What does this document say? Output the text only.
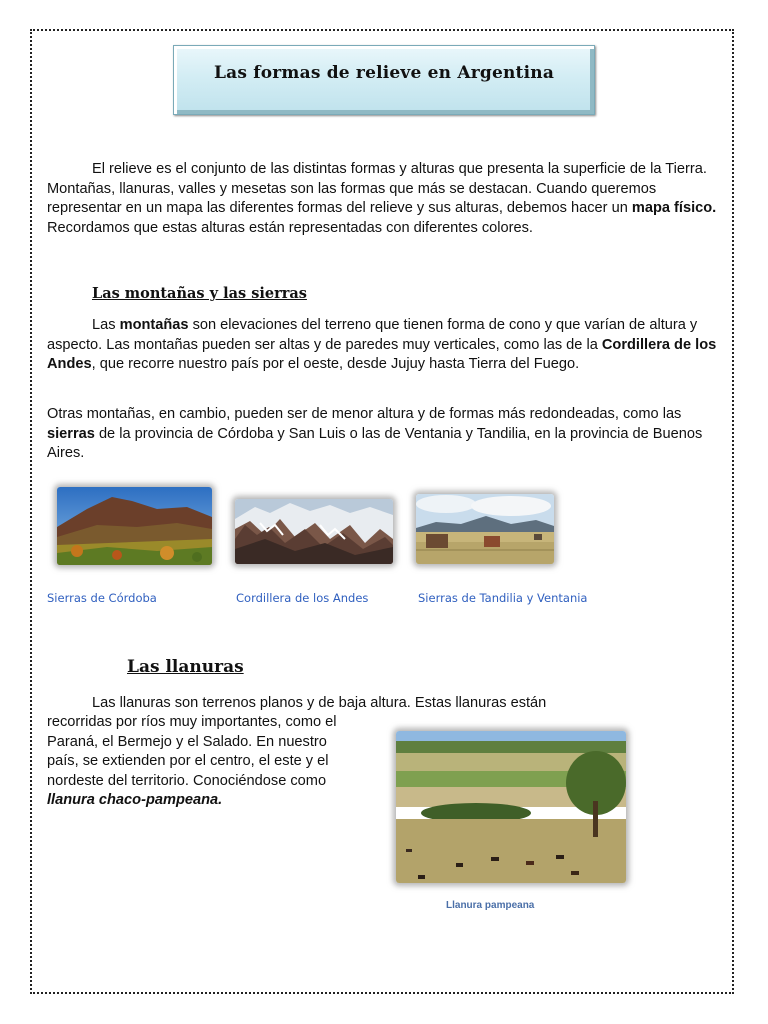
Las formas de relieve en Argentina

El relieve es el conjunto de las distintas formas y alturas que presenta la superficie de la Tierra. Montañas, llanuras, valles y mesetas son las formas que más se destacan. Cuando queremos representar en un mapa las diferentes formas del relieve y sus alturas, debemos hacer un mapa físico. Recordamos que estas alturas están representadas con diferentes colores.

Las montañas y las sierras

Las montañas son elevaciones del terreno que tienen forma de cono y que varían de altura y aspecto. Las montañas pueden ser altas y de paredes muy verticales, como las de la Cordillera de los Andes, que recorre nuestro país por el oeste, desde Jujuy hasta Tierra del Fuego.

Otras montañas, en cambio, pueden ser de menor altura y de formas más redondeadas, como las sierras de la provincia de Córdoba y San Luis o las de Ventania y Tandilia, en la provincia de Buenos Aires.

Sierras de Córdoba	Cordillera de los Andes	Sierras de Tandilia y Ventania

Las llanuras

Las llanuras son terrenos planos y de baja altura. Estas llanuras están

recorridas por ríos muy importantes, como el Paraná, el Bermejo y el Salado. En nuestro país, se extienden por el centro, el este y el nordeste del territorio. Conociéndose como llanura chaco-pampeana.

Llanura pampeana
